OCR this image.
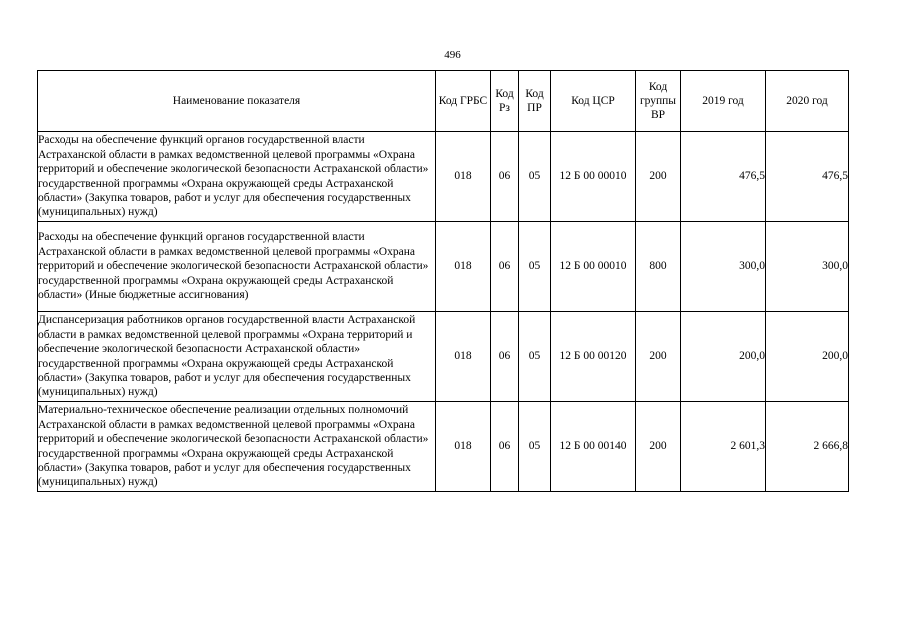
496
Наименование показателя	Код ГРБС	Код Рз	Код ПР	Код ЦСР	Код группы ВР	2019 год	2020 год
Расходы на обеспечение функций органов государственной власти Астраханской области в рамках ведомственной целевой программы «Охрана территорий и обеспечение экологической безопасности Астраханской области» государственной программы «Охрана окружающей среды Астраханской области» (Закупка товаров, работ и услуг для обеспечения государственных (муниципальных) нужд)	018	06	05	12 Б 00 00010	200	476,5	476,5
Расходы на обеспечение функций органов государственной власти Астраханской области в рамках ведомственной целевой программы «Охрана территорий и обеспечение экологической безопасности Астраханской области» государственной программы «Охрана окружающей среды Астраханской области» (Иные бюджетные ассигнования)	018	06	05	12 Б 00 00010	800	300,0	300,0
Диспансеризация работников органов государственной власти Астраханской области в рамках ведомственной целевой программы «Охрана территорий и обеспечение экологической безопасности Астраханской области» государственной программы «Охрана окружающей среды Астраханской области» (Закупка товаров, работ и услуг для обеспечения государственных (муниципальных) нужд)	018	06	05	12 Б 00 00120	200	200,0	200,0
Материально-техническое обеспечение реализации отдельных полномочий Астраханской области в рамках ведомственной целевой программы «Охрана территорий и обеспечение экологической безопасности Астраханской области» государственной программы «Охрана окружающей среды Астраханской области» (Закупка товаров, работ и услуг для обеспечения государственных (муниципальных) нужд)	018	06	05	12 Б 00 00140	200	2 601,3	2 666,8
